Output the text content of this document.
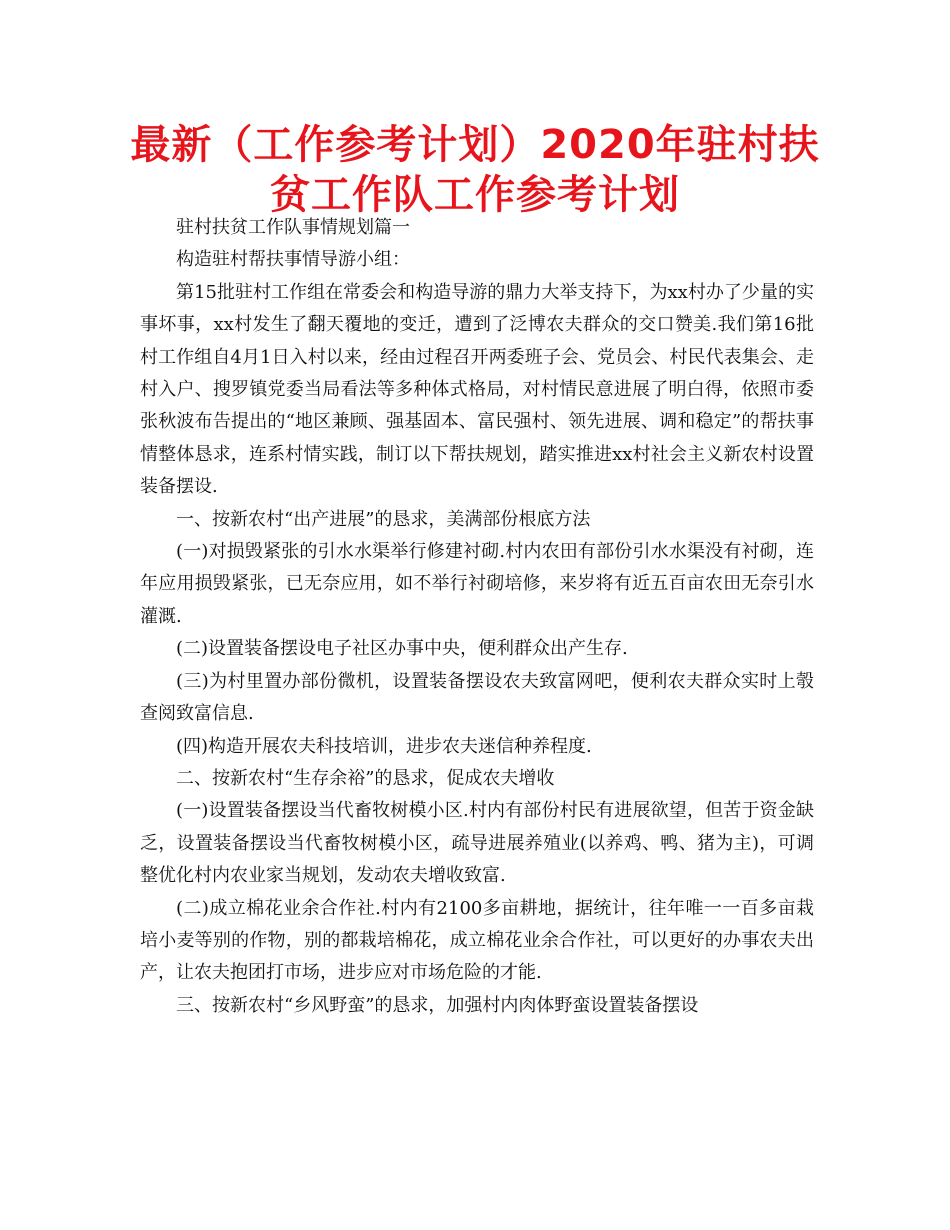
最新（工作参考计划）2020年驻村扶贫工作队工作参考计划

驻村扶贫工作队事情规划篇一

构造驻村帮扶事情导游小组：

第15批驻村工作组在常委会和构造导游的鼎力大举支持下，为xx村办了少量的实事坏事，xx村发生了翻天覆地的变迁，遭到了泛博农夫群众的交口赞美.我们第16批村工作组自4月1日入村以来，经由过程召开两委班子会、党员会、村民代表集会、走村入户、搜罗镇党委当局看法等多种体式格局，对村情民意进展了明白得，依照市委张秋波布告提出的“地区兼顾、强基固本、富民强村、领先进展、调和稳定”的帮扶事情整体恳求，连系村情实践，制订以下帮扶规划，踏实推进xx村社会主义新农村设置装备摆设.

一、按新农村“出产进展”的恳求，美满部份根底方法

(一)对损毁紧张的引水水渠举行修建衬砌.村内农田有部份引水水渠没有衬砌，连年应用损毁紧张，已无奈应用，如不举行衬砌培修，来岁将有近五百亩农田无奈引水灌溉.

(二)设置装备摆设电子社区办事中央，便利群众出产生存.

(三)为村里置办部份微机，设置装备摆设农夫致富网吧，便利农夫群众实时上彀查阅致富信息.

(四)构造开展农夫科技培训，进步农夫迷信种养程度.

二、按新农村“生存余裕”的恳求，促成农夫增收

(一)设置装备摆设当代畜牧树模小区.村内有部份村民有进展欲望，但苦于资金缺乏，设置装备摆设当代畜牧树模小区，疏导进展养殖业(以养鸡、鸭、猪为主)，可调整优化村内农业家当规划，发动农夫增收致富.

(二)成立棉花业余合作社.村内有2100多亩耕地，据统计，往年唯一一百多亩栽培小麦等别的作物，别的都栽培棉花，成立棉花业余合作社，可以更好的办事农夫出产，让农夫抱团打市场，进步应对市场危险的才能.

三、按新农村“乡风野蛮”的恳求，加强村内肉体野蛮设置装备摆设
